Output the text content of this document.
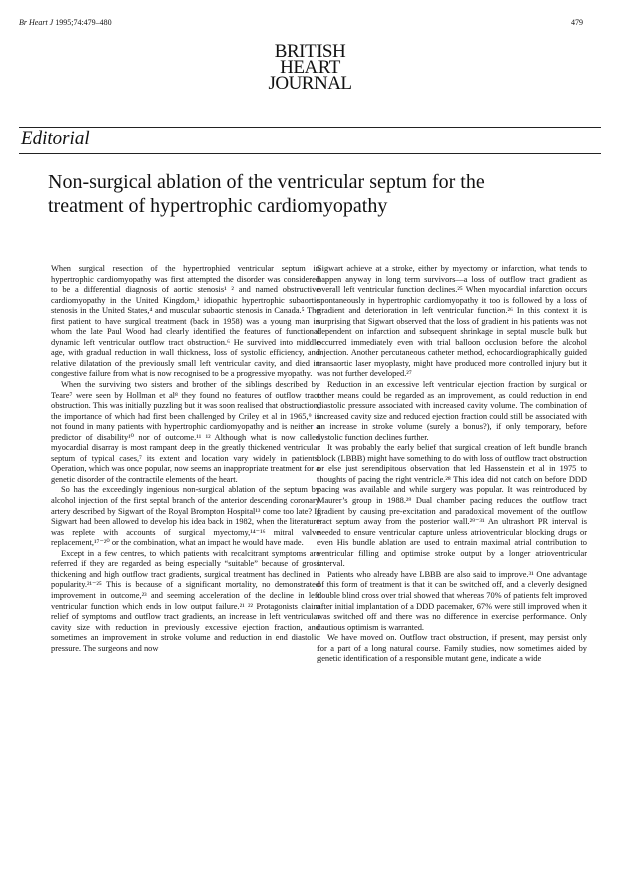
Br Heart J 1995;74:479–480	479
BRITISH
HEART
JOURNAL
Editorial
Non-surgical ablation of the ventricular septum for the
treatment of hypertrophic cardiomyopathy

When surgical resection of the hypertrophied ventricular septum in hypertrophic cardiomyopathy was first attempted the disorder was considered to be a differential diagnosis of aortic stenosis¹ ² and named obstructive cardiomyopathy in the United Kingdom,³ idiopathic hypertrophic subaortic stenosis in the United States,⁴ and muscular subaortic stenosis in Canada.⁵ The first patient to have surgical treatment (back in 1958) was a young man in whom the late Paul Wood had clearly identified the features of functional dynamic left ventricular outflow tract obstruction.⁶ He survived into middle age, with gradual reduction in wall thickness, loss of systolic efficiency, and relative dilatation of the previously small left ventricular cavity, and died in congestive failure from what is now recognised to be a progressive myopathy.

When the surviving two sisters and brother of the siblings described by Teare⁷ were seen by Hollman et al⁸ they found no features of outflow tract obstruction. This was initially puzzling but it was soon realised that obstruction, the importance of which had first been challenged by Criley et al in 1965,⁹ is not found in many patients with hypertrophic cardiomyopathy and is neither a predictor of disability¹⁰ nor of outcome.¹¹ ¹² Although what is now called myocardial disarray is most rampant deep in the greatly thickened ventricular septum of typical cases,⁷ its extent and location vary widely in patients. Operation, which was once popular, now seems an inappropriate treatment for a genetic disorder of the contractile elements of the heart.

So has the exceedingly ingenious non-surgical ablation of the septum by alcohol injection of the first septal branch of the anterior descending coronary artery described by Sigwart of the Royal Brompton Hospital¹³ come too late? If Sigwart had been allowed to develop his idea back in 1982, when the literature was replete with accounts of surgical myectomy,¹⁴⁻¹⁶ mitral valve replacement,¹⁷⁻²⁰ or the combination, what an impact he would have made.

Except in a few centres, to which patients with recalcitrant symptoms are referred if they are regarded as being especially “suitable” because of gross thickening and high outflow tract gradients, surgical treatment has declined in popularity.²¹⁻²⁵ This is because of a significant mortality, no demonstrated improvement in outcome,²³ and seeming acceleration of the decline in left ventricular function which ends in low output failure.²¹ ²² Protagonists claim relief of symptoms and outflow tract gradients, an increase in left ventricular cavity size with reduction in previously excessive ejection fraction, and sometimes an improvement in stroke volume and reduction in end diastolic pressure. The surgeons and now

Sigwart achieve at a stroke, either by myectomy or infarction, what tends to happen anyway in long term survivors—a loss of outflow tract gradient as overall left ventricular function declines.²⁵ When myocardial infarction occurs spontaneously in hypertrophic cardiomyopathy it too is followed by a loss of gradient and deterioration in left ventricular function.²⁶ In this context it is surprising that Sigwart observed that the loss of gradient in his patients was not dependent on infarction and subsequent shrinkage in septal muscle bulk but occurred immediately even with trial balloon occlusion before the alcohol injection. Another percutaneous catheter method, echocardiographically guided transaortic laser myoplasty, might have produced more controlled injury but it was not further developed.²⁷

Reduction in an excessive left ventricular ejection fraction by surgical or other means could be regarded as an improvement, as could reduction in end diastolic pressure associated with increased cavity volume. The combination of increased cavity size and reduced ejection fraction could still be associated with an increase in stroke volume (surely a bonus?), if only temporary, before systolic function declines further.

It was probably the early belief that surgical creation of left bundle branch block (LBBB) might have something to do with loss of outflow tract obstruction or else just serendipitous observation that led Hassenstein et al in 1975 to thoughts of pacing the right ventricle.²⁸ This idea did not catch on before DDD pacing was available and while surgery was popular. It was reintroduced by Maurer’s group in 1988.²⁹ Dual chamber pacing reduces the outflow tract gradient by causing pre-excitation and paradoxical movement of the outflow tract septum away from the posterior wall.²⁹⁻³¹ An ultrashort PR interval is needed to ensure ventricular capture unless atrioventricular blocking drugs or even His bundle ablation are used to entrain maximal atrial contribution to ventricular filling and optimise stroke output by a longer atrioventricular interval.

Patients who already have LBBB are also said to improve.³¹ One advantage of this form of treatment is that it can be switched off, and a cleverly designed double blind cross over trial showed that whereas 70% of patients felt improved after initial implantation of a DDD pacemaker, 67% were still improved when it was switched off and there was no difference in exercise performance. Only cautious optimism is warranted.

We have moved on. Outflow tract obstruction, if present, may persist only for a part of a long natural course. Family studies, now sometimes aided by genetic identification of a responsible mutant gene, indicate a wide
